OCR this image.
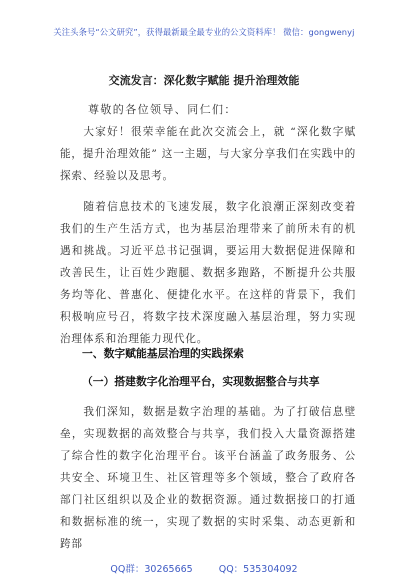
关注头条号“公文研究”，获得最新最全最专业的公文资料库！ 微信：gongwenyj
交流发言：深化数字赋能 提升治理效能
尊敬的各位领导、同仁们：

大家好！很荣幸能在此次交流会上，就 “深化数字赋能，提升治理效能” 这一主题，与大家分享我们在实践中的探索、经验以及思考。

随着信息技术的飞速发展，数字化浪潮正深刻改变着我们的生产生活方式，也为基层治理带来了前所未有的机遇和挑战。习近平总书记强调，要运用大数据促进保障和改善民生，让百姓少跑腿、数据多跑路，不断提升公共服务均等化、普惠化、便捷化水平。在这样的背景下，我们积极响应号召，将数字技术深度融入基层治理，努力实现治理体系和治理能力现代化。

一、数字赋能基层治理的实践探索
（一）搭建数字化治理平台，实现数据整合与共享

我们深知，数据是数字治理的基础。为了打破信息壁垒，实现数据的高效整合与共享，我们投入大量资源搭建了综合性的数字化治理平台。该平台涵盖了政务服务、公共安全、环境卫生、社区管理等多个领域，整合了政府各部门社区组织以及企业的数据资源。通过数据接口的打通和数据标准的统一，实现了数据的实时采集、动态更新和跨部

QQ群：30265665	QQ：535304092
